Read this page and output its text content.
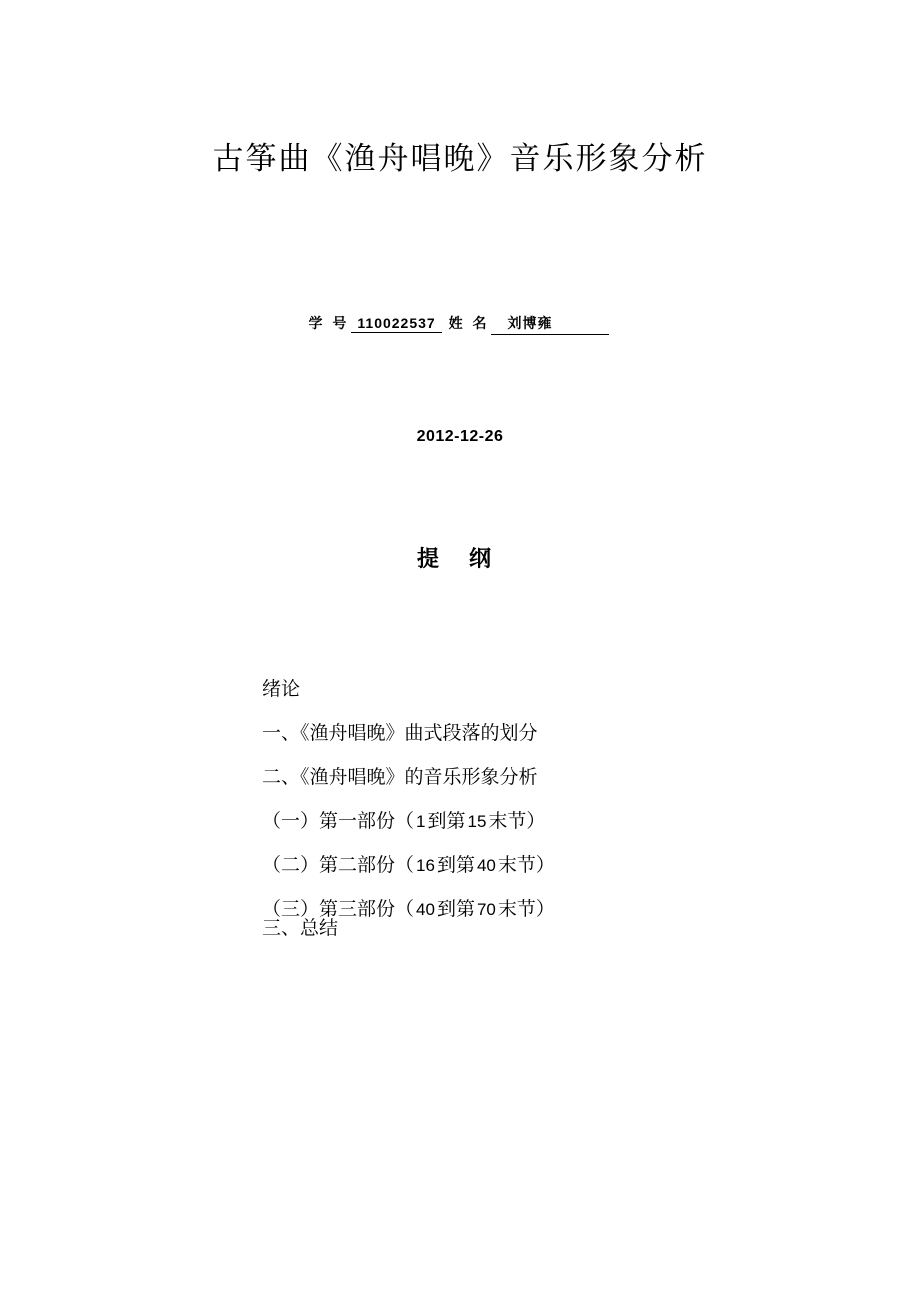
古筝曲《渔舟唱晚》音乐形象分析
学 号 110022537 姓 名 刘博雍
2012-12-26
提 纲
绪论
一、《渔舟唱晚》曲式段落的划分
二、《渔舟唱晚》的音乐形象分析
（一）第一部份（ 1 到第 15 末节）
（二）第二部份（ 16 到第 40 末节）
（三）第三部份（ 40 到第 70 末节）
三、总结
